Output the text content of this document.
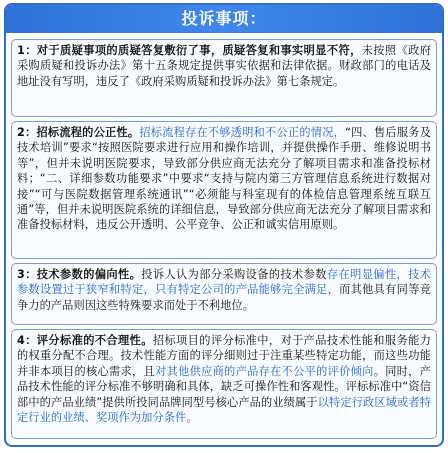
投诉事项：
1：对于质疑事项的质疑答复敷衍了事，质疑答复和事实明显不符，未按照《政府采购质疑和投诉办法》第十五条规定提供事实依据和法律依据。财政部门的电话及地址没有写明，违反了《政府采购质疑和投诉办法》第七条规定。
2：招标流程的公正性。招标流程存在不够透明和不公正的情况，“四、售后服务及技术培训”要求“按照医院要求进行应用和操作培训，并提供操作手册、维修说明书等”，但并未说明医院要求，导致部分供应商无法充分了解项目需求和准备投标材料；“二、详细参数功能要求”中要求“支持与院内第三方管理信息系统进行数据对 接”“可与医院数据管理系统通讯”“必须能与科室现有的体检信息管理系统互联互通”等，但并未说明医院系统的详细信息，导致部分供应商无法充分了解项目需求和准备投标材料，违反公开透明、公平竞争、公正和诚实信用原则。
3：技术参数的偏向性。投诉人认为部分采购设备的技术参数存在明显偏性，技术参数设置过于狭窄和特定，只有特定公司的产品能够完全满足，而其他具有同等竞争力的产品则因这些特殊要求而处于不利地位。
4：评分标准的不合理性。招标项目的评分标准中，对于产品技术性能和服务能力的权重分配不合理。技术性能方面的评分细则过于注重某些特定功能，而这些功能并非本项目的核心需求，且对其他供应商的产品存在不公平的评价倾向。同时，产品技术性能的评分标准不够明确和具体，缺乏可操作性和客观性。评标标准中“资信部中的产品业绩”提供所投同品牌同型号核心产品的业绩属于以特定行政区域或者特定行业的业绩、奖项作为加分条件。
